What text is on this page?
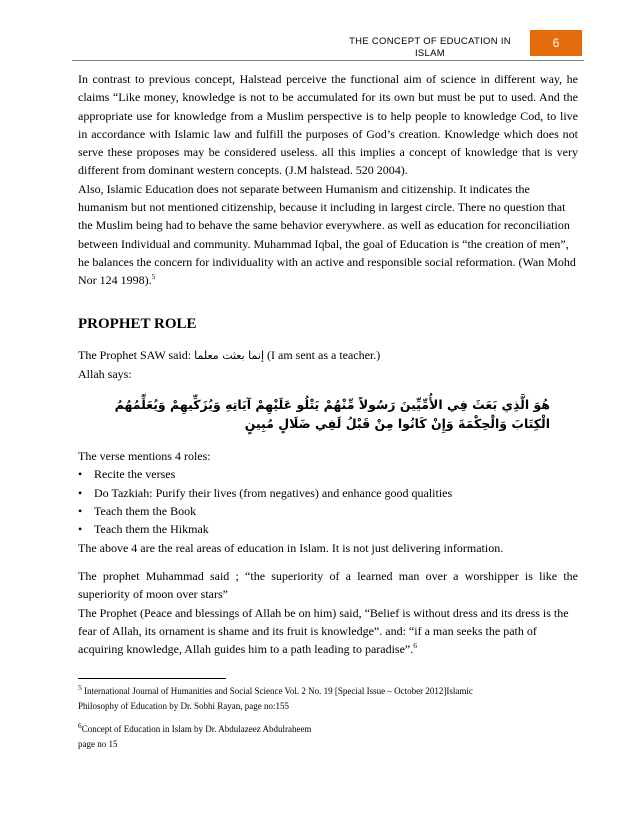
THE CONCEPT OF EDUCATION IN
ISLAM
6

In contrast to previous concept, Halstead perceive the functional aim of science in different way, he claims “Like money, knowledge is not to be accumulated for its own but must be put to used. And the appropriate use for knowledge from a Muslim perspective is to help people to knowledge Cod, to live in accordance with Islamic law and fulfill the purposes of God’s creation. Knowledge which does not serve these proposes may be considered useless. all this implies a concept of knowledge that is very different from dominant western concepts. (J.M halstead. 520 2004).

Also, Islamic Education does not separate between Humanism and citizenship. It indicates the humanism but not mentioned citizenship, because it including in largest circle. There no question that the Muslim being had to behave the same behavior everywhere. as well as education for reconciliation between Individual and community. Muhammad Iqbal, the goal of Education is “the creation of men”, he balances the concern for individuality with an active and responsible social reformation. (Wan Mohd Nor 124 1998).$^5$

PROPHET ROLE

The Prophet SAW said: إنما بعثت معلما (I am sent as a teacher.)

Allah says:

هُوَ الَّذِي بَعَثَ فِي الأُمِّيِّينَ رَسُولاً مِّنْهُمْ يَتْلُو عَلَيْهِمْ آيَاتِهِ وَيُزَكِّيهِمْ وَيُعَلِّمُهُمُ الْكِتَابَ وَالْحِكْمَةَ وَإِنْ كَانُوا مِنْ قَبْلُ لَفِي ضَلَالٍ مُبِينٍ

The verse mentions 4 roles:

• Recite the verses
• Do Tazkiah: Purify their lives (from negatives) and enhance good qualities
• Teach them the Book
• Teach them the Hikmak

The above 4 are the real areas of education in Islam. It is not just delivering information.

The prophet Muhammad said ; “the superiority of a learned man over a worshipper is like the superiority of moon over stars”

The Prophet (Peace and blessings of Allah be on him) said, “Belief is without dress and its dress is the fear of Allah, its ornament is shame and its fruit is knowledge”. and: “if a man seeks the path of acquiring knowledge, Allah guides him to a path leading to paradise”.$^6$

$^5$ International Journal of Humanities and Social Science Vol. 2 No. 19 [Special Issue – October 2012]Islamic

Philosophy of Education by Dr. Sobhi Rayan, page no:155

$^6$Concept of Education in Islam by Dr. Abdulazeez Abdulraheem

page no 15
